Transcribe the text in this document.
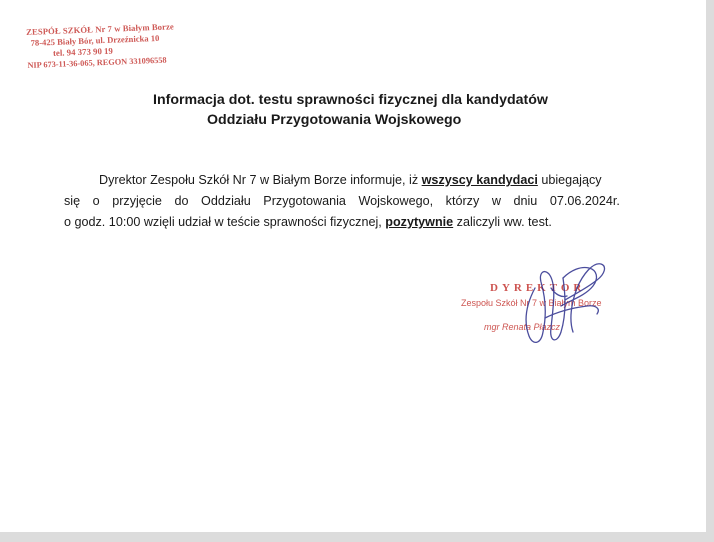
ZESPÓŁ SZKÓŁ Nr 7 w Białym Borze
78-425 Biały Bór, ul. Drzeźnicka 10
tel. 94 373 90 19
NIP 673-11-36-065, REGON 331096558
Informacja dot. testu sprawności fizycznej dla kandydatów
Oddziału Przygotowania Wojskowego
Dyrektor Zespołu Szkół Nr 7 w Białym Borze informuje, iż wszyscy kandydaci ubiegający
się o przyjęcie do Oddziału Przygotowania Wojskowego, którzy w dniu 07.06.2024r.
o godz. 10:00 wzięli udział w teście sprawności fizycznej, pozytywnie zaliczyli ww. test.
DYREKTOR
Zespołu Szkół Nr 7 w Białym Borze
mgr Renata Płazcz
